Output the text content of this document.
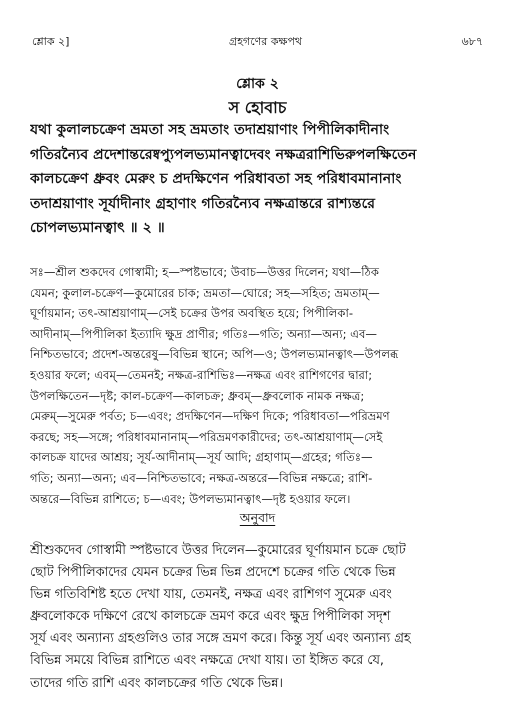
শ্লোক ২]	গ্রহগণের কক্ষপথ	৬৮৭
শ্লোক ২
স হোবাচ
যথা কুলালচক্রেণ ভ্রমতা সহ ভ্রমতাং তদাশ্রয়াণাং পিপীলিকাদীনাং
গতিরন্যৈব প্রদেশান্তরেষ্বপ্যুপলভ্যমানত্বাদেবং নক্ষত্ররাশিভিরুপলক্ষিতেন
কালচক্রেণ ধ্রুবং মেরুং চ প্রদক্ষিণেন পরিধাবতা সহ পরিধাবমানানাং
তদাশ্রয়াণাং সূর্যাদীনাং গ্রহাণাং গতিরন্যৈব নক্ষত্রান্তরে রাশ্যন্তরে
চোপলভ্যমানত্বাৎ ॥ ২ ॥
সঃ—শ্রীল শুকদেব গোস্বামী; হ—স্পষ্টভাবে; উবাচ—উত্তর দিলেন; যথা—ঠিক
যেমন; কুলাল-চক্রেণ—কুমোরের চাক; ভ্রমতা—ঘোরে; সহ—সহিত; ভ্রমতাম্—
ঘূর্ণায়মান; তৎ-আশ্রয়াণাম্—সেই চক্রের উপর অবস্থিত হয়ে; পিপীলিকা-
আদীনাম্—পিপীলিকা ইত্যাদি ক্ষুদ্র প্রাণীর; গতিঃ—গতি; অন্যা—অন্য; এব—
নিশ্চিতভাবে; প্রদেশ-অন্তরেষু—বিভিন্ন স্থানে; অপি—ও; উপলভ্যমানত্বাৎ—উপলব্ধ
হওয়ার ফলে; এবম্—তেমনই; নক্ষত্র-রাশিভিঃ—নক্ষত্র এবং রাশিগণের দ্বারা;
উপলক্ষিতেন—দৃষ্ট; কাল-চক্রেণ—কালচক্র; ধ্রুবম্—ধ্রুবলোক নামক নক্ষত্র;
মেরুম্—সুমেরু পর্বত; চ—এবং; প্রদক্ষিণেন—দক্ষিণ দিকে; পরিধাবতা—পরিভ্রমণ
করছে; সহ—সঙ্গে; পরিধাবমানানাম্—পরিভ্রমণকারীদের; তৎ-আশ্রয়াণাম্—সেই
কালচক্র যাদের আশ্রয়; সূর্য-আদীনাম্—সূর্য আদি; গ্রহাণাম্—গ্রহের; গতিঃ—
গতি; অন্যা—অন্য; এব—নিশ্চিতভাবে; নক্ষত্র-অন্তরে—বিভিন্ন নক্ষত্রে; রাশি-
অন্তরে—বিভিন্ন রাশিতে; চ—এবং; উপলভ্যমানত্বাৎ—দৃষ্ট হওয়ার ফলে।
অনুবাদ
শ্রীশুকদেব গোস্বামী স্পষ্টভাবে উত্তর দিলেন—কুমোরের ঘূর্ণায়মান চক্রে ছোট
ছোট পিপীলিকাদের যেমন চক্রের ভিন্ন ভিন্ন প্রদেশে চক্রের গতি থেকে ভিন্ন
ভিন্ন গতিবিশিষ্ট হতে দেখা যায়, তেমনই, নক্ষত্র এবং রাশিগণ সুমেরু এবং
ধ্রুবলোককে দক্ষিণে রেখে কালচক্রে ভ্রমণ করে এবং ক্ষুদ্র পিপীলিকা সদৃশ
সূর্য এবং অন্যান্য গ্রহগুলিও তার সঙ্গে ভ্রমণ করে। কিন্তু সূর্য এবং অন্যান্য গ্রহ
বিভিন্ন সময়ে বিভিন্ন রাশিতে এবং নক্ষত্রে দেখা যায়। তা ইঙ্গিত করে যে,
তাদের গতি রাশি এবং কালচক্রের গতি থেকে ভিন্ন।
